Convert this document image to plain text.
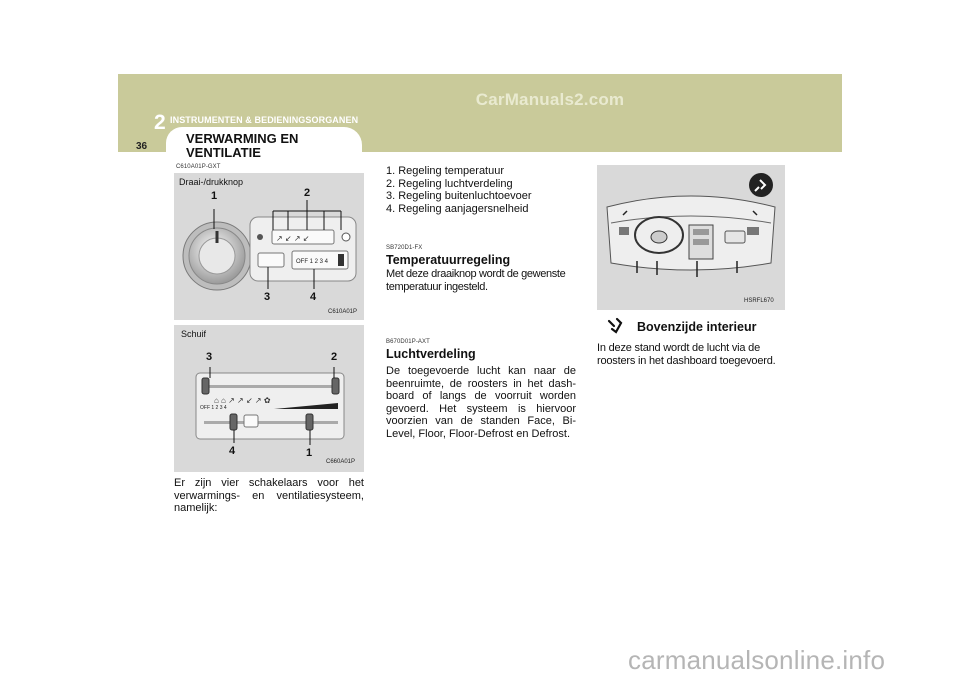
CarManuals2.com
2 INSTRUMENTEN & BEDIENINGSORGANEN
36
VERWARMING EN VENTILATIE
C610A01P-GXT
Draai-/drukknop
↗ ↙ ↗ ↙
OFF 1 2 3 4
1	2
3	4
C610A01P
Schuif
⌂ ⌂ ↗ ↗ ↙ ↗ ✿
OFF 1 2 3 4
3	2
4	1
C660A01P
Er zijn vier schakelaars voor het verwarmings- en ventilatiesysteem, namelijk:
1. Regeling temperatuur
2. Regeling luchtverdeling
3. Regeling buitenluchtoevoer
4. Regeling aanjagersnelheid
SB720D1-FX
Temperatuurregeling
Met deze draaiknop wordt de gewenste temperatuur ingesteld.
B670D01P-AXT
Luchtverdeling
De toegevoerde lucht kan naar de beenruimte, de roosters in het dash- board of langs de voorruit worden gevoerd. Het systeem is hiervoor voorzien van de standen Face, Bi- Level, Floor, Floor-Defrost en Defrost.
HSRFL670
Bovenzijde interieur
In deze stand wordt de lucht via de roosters in het dashboard toegevoerd.
carmanualsonline.info
